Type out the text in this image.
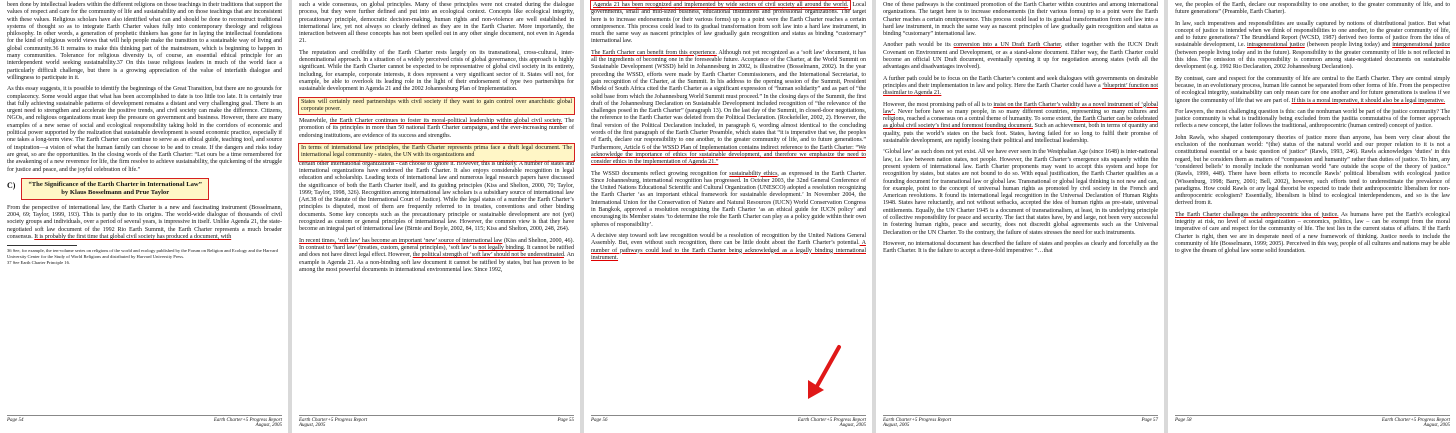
been done by intellectual leaders within the different religions on those teachings in their traditions that support the values of respect and care for the community of life and sustainability and on those teachings that are inconsistent with these values. Religious scholars have also identified what can and should be done to reconstruct traditional systems of thought so as to integrate Earth Charter values fully into contemporary theology and religious philosophy. In other words, a generation of prophetic thinkers has gone far in laying the intellectual foundations for the kind of religious world views that will help people make the transition to a sustainable way of living and global community.36 It remains to make this thinking part of the mainstream, which is beginning to happen in many communities. Tolerance for religious diversity is, of course, an essential ethical principle for an interdependent world seeking sustainability.37 On this issue religious leaders in much of the world face a particularly difficult challenge, but there is a growing appreciation of the value of interfaith dialogue and willingness to participate in it.

As this essay suggests, it is possible to identify the beginnings of the Great Transition, but there are no grounds for complacency. Some would argue that what has been accomplished to date is too little too late. It is certainly true that fully achieving sustainable patterns of development remains a distant and very challenging goal. There is an urgent need to strengthen and accelerate the positive trends, and civil society can make the difference. Citizens, NGOs, and religious organizations must keep the pressure on government and business. However, there are many examples of a new sense of social and ecological responsibility taking hold in the corridors of economic and political power supported by the realization that sustainable development is sound economic practice, especially if one takes a long-term view. The Earth Charter can continue to serve as an ethical guide, teaching tool, and source of inspiration—a vision of what the human family can choose to be and to create. If the dangers and risks today are great, so are the opportunities. In the closing words of the Earth Charter: “Let ours be a time remembered for the awakening of a new reverence for life, the firm resolve to achieve sustainability, the quickening of the struggle for justice and peace, and the joyful celebration of life.”

C) “The Significance of the Earth Charter in International Law”
by Klaus Bosselmann and Prue Taylor

From the perspective of international law, the Earth Charter is a new and fascinating instrument (Bosselmann, 2004, 69; Taylor, 1999, 193). This is partly due to its origins. The world-wide dialogue of thousands of civil society groups and individuals, over a period of several years, is impressive in itself. Unlike Agenda 21, the state-negotiated soft law document of the 1992 Rio Earth Summit, the Earth Charter represents a much broader consensus. It is probably the first time that global civil society has produced a document, with

36 See, for example, the ten-volume series on religions of the world and ecology published by the Forum on Religion and Ecology and the Harvard University Center for the Study of World Religions and distributed by Harvard University Press.

37 See Earth Charter Principle 16.

Page 54	Earth Charter+5 Progress Report
August, 2005

such a wide consensus, on global principles. Many of these principles were not created during the dialogue process, but they were further defined and put into an ecological context. Concepts like ecological integrity, precautionary principle, democratic decision-making, human rights and non-violence are well established in international law, yet not always so clearly defined as they are in the Earth Charter. More importantly, the interaction between all these concepts has not been spelled out in any other single document, not even in Agenda 21.

The reputation and credibility of the Earth Charter rests largely on its transnational, cross-cultural, inter-denominational approach. In a situation of a widely perceived crisis of global governance, this approach is highly significant. While the Earth Charter cannot be expected to be representative of global civil society in its entirety, including, for example, corporate interests, it does represent a very significant sector of it. States will not, for example, be able to overlook its leading role in the light of their endorsement of type two partnerships for sustainable development in Agenda 21 and the 2002 Johannesburg Plan of Implementation.

States will certainly need partnerships with civil society if they want to gain control over anarchistic global corporate power.

Meanwhile, the Earth Charter continues to foster its moral-political leadership within global civil society. The promotion of its principles in more than 50 national Earth Charter campaigns, and the ever-increasing number of endorsing institutions, are evidence of its success and strengths.

In terms of international law principles, the Earth Charter represents prima face a draft legal document. The international legal community - states, the UN with its organizations and

certain other international organizations - can choose to ignore it. However, this is unlikely. A number of states and international organizations have endorsed the Earth Charter. It also enjoys considerable recognition in legal education and scholarship. Leading texts of international law and numerous legal research papers have discussed the significance of both the Earth Charter itself, and its guiding principles (Kiss and Shelton, 2000, 70; Taylor, 1999; Taylor, 1998, 326). Recognition among international law scholars is a subsidiary source of international law (Art.38 of the Statute of the International Court of Justice). While the legal status of a number the Earth Charter’s principles is disputed, most of them are frequently referred to in treaties, conventions and other binding documents. Some key concepts such as the precautionary principle or sustainable development are not (yet) recognized as custom or general principles of international law. However, the common view is that they have become an integral part of international law (Birnie and Boyle, 2002, 84, 115; Kiss and Shelton, 2000, 248, 264).

In recent times, ‘soft law’ has become an important ‘new’ source of international law (Kiss and Shelton, 2000, 46). In contrast to ‘hard law’ (treaties, custom, general principles), ‘soft law’ is not legally binding. It cannot be ratified and does not have direct legal effect. However, the political strength of ‘soft law’ should not be underestimated. An example is Agenda 21. As a non-binding soft law document it cannot be ratified by states, but has proven to be among the most powerful documents in international environmental law. Since 1992,

Earth Charter+5 Progress Report
August, 2005
Page 55

Agenda 21 has been recognized and implemented by wide sectors of civil society all around the world. Local governments, small and mid-sized business, educational institutions and professional organizations. The target here is to increase endorsements (or their various forms) up to a point were the Earth Charter reaches a certain omnipresence. This process could lead to its gradual transformation from soft law into a hard law instrument, in much the same way as nascent principles of law gradually gain recognition and status as binding “customary” international law.

The Earth Charter can benefit from this experience. Although not yet recognized as a ‘soft law’ document, it has all the ingredients of becoming one in the foreseeable future. Acceptance of the Charter, at the World Summit on Sustainable Development (WSSD) held in Johannesburg in 2002, is illustrative (Bosselmann, 2002). In the year preceding the WSSD, efforts were made by Earth Charter Commissioners, and the International Secretariat, to gain recognition of the Charter, at the Summit. In his address to the opening session of the Summit, President Mbeki of South Africa cited the Earth Charter as a significant expression of “human solidarity” and as part of “the solid base from which the Johannesburg World Summit must proceed.” In the closing days of the Summit, the first draft of the Johannesburg Declaration on Sustainable Development included recognition of “the relevance of the challenges posed in the Earth Charter” (paragraph 13). On the last day of the Summit, in closed-door negotiations, the reference to the Earth Charter was deleted from the Political Declaration. (Rockefeller, 2002, 2). However, the final version of the Political Declaration included, in paragraph 6, wording almost identical to the concluding words of the first paragraph of the Earth Charter Preamble, which states that “it is imperative that we, the peoples of Earth, declare our responsibility to one another, to the greater community of life, and to future generations.” Furthermore, Article 6 of the WSSD Plan of Implementation contains indirect reference to the Earth Charter: “We acknowledge the importance of ethics for sustainable development, and therefore we emphasize the need to consider ethics in the implementation of Agenda 21.”

The WSSD documents reflect growing recognition for sustainability ethics, as expressed in the Earth Charter. Since Johannesburg, international recognition has progressed. In October 2003, the 32nd General Conference of the United Nations Educational Scientific and Cultural Organization (UNESCO) adopted a resolution recognizing the Earth Charter ‘as an important ethical framework for sustainable development.’ In November 2004, the International Union for the Conservation of Nature and Natural Resources (IUCN) World Conservation Congress in Bangkok, approved a resolution recognizing the Earth Charter ‘as an ethical guide for IUCN policy’ and encouraging its Member states ‘to determine the role the Earth Charter can play as a policy guide within their own spheres of responsibility’.

A decisive step toward soft law recognition would be a resolution of recognition by the United Nations General Assembly. But, even without such recognition, there can be little doubt about the Earth Charter’s potential. A number of pathways could lead to the Earth Charter being acknowledged as a legally binding international instrument.

Page 56	Earth Charter+5 Progress Report
August, 2005

One of these pathways is the continued promotion of the Earth Charter within countries and among international organizations. The target here is to increase endorsements (in their various forms) up to a point were the Earth Charter reaches a certain omnipresence. This process could lead to its gradual transformation from soft law into a hard law instrument, in much the same way as nascent principles of law gradually gain recognition and status as binding “customary” international law.

Another path would be its conversion into a UN Draft Earth Charter, either together with the IUCN Draft Covenant on Environment and Development, or as a stand-alone document. Either way, the Earth Charter could become an official UN Draft document, eventually opening it up for negotiation among states (with all the advantages and disadvantages involved).

A further path could be to focus on the Earth Charter’s content and seek dialogues with governments on desirable principles and their implementation in law and policy. Here the Earth Charter could have a ‘blueprint’ function not dissimilar to Agenda 21.

However, the most promising path of all is to insist on the Earth Charter’s validity as a novel instrument of ‘global law’. Never before have so many people, in so many different countries, representing so many cultures and religions, reached a consensus on a central theme of humanity. To some extent, the Earth Charter can be celebrated as global civil society’s first and foremost founding document. Such an achievement, both in terms of quantity and quality, puts the world’s states on the back foot. States, having failed for so long to fulfil their promise of sustainable development, are rapidly loosing their political and intellectual leadership.

‘Global law’ as such does not yet exist. All we have ever seen in the Westphalian Age (since 1648) is inter-national law, i.e. law between nation states, not people. However, the Earth Charter’s emergence sits squarely within the present system of international law. Earth Charter proponents may want to accept this system and hope for recognition by states, but states are not bound to do so. With equal justification, the Earth Charter qualifies as a founding document for transnational law or global law. Transnational or global legal thinking is not new and can, for example, point to the concept of universal human rights as promoted by civil society in the French and American revolutions. It found its international legal recognition in the Universal Declaration of Human Rights 1948. States have reluctantly, and not without setbacks, accepted the idea of human rights as pre-state, universal entitlements. Equally, the UN Charter 1945 is a document of transnationalism, at least, in its underlying principle of collective responsibility for peace and security. The fact that states have, by and large, not been very successful in fostering human rights, peace and security, does not discredit global agreements such as the Universal Declaration or the UN Charter. To the contrary, the failure of states stresses the need for such instruments.

However, no international document has described the failure of states and peoples as clearly and forcefully as the Earth Charter. It is the failure to accept a three-fold imperative: “…that

Earth Charter+5 Progress Report
August, 2005
Page 57

we, the peoples of the Earth, declare our responsibility to one another, to the greater community of life, and to future generations” (Preamble, Earth Charter).

In law, such imperatives and responsibilities are usually captured by notions of distributional justice. But what concept of justice is intended when we think of responsibilities to one another, to the greater community of life, and to future generations? The Brundtland Report (WCSD, 1987) derived two forms of justice from the idea of sustainable development, i.e. intragenerational justice (between people living today) and intergenerational justice (between people living today and in the future). Responsibility to the greater community of life is not reflected in this idea. The omission of this responsibility is common among state-negotiated documents on sustainable development (e.g. 1992 Rio Declaration, 2002 Johannesburg Declaration).

By contrast, care and respect for the community of life are central to the Earth Charter. They are central simply because, in an evolutionary process, human life cannot be separated from other forms of life. From the perspective of ecological integrity, sustainability can only mean care for one another and for future generations is useless if we ignore the community of life that we are part of. If this is a moral imperative, it should also be a legal imperative.

For lawyers, the most challenging question is this: can the nonhuman world be part of the justice community? The justice community is what is traditionally being excluded from the justitia commutativa of the former approach reflects a new concept, the latter follows the traditional, anthropocentric (human centred) concept of justice.

John Rawls, who shaped contemporary theories of justice more than anyone, has been very clear about the exclusion of the nonhuman world: “(the) status of the natural world and our proper relation to it is not a constitutional essential or a basic question of justice” (Rawls, 1993, 246). Rawls acknowledges ‘duties’ in this regard, but he considers them as matters of “compassion and humanity” rather than duties of justice. To him, any ‘considered beliefs’ to morally include the nonhuman world “are outside the scope of the theory of justice.” (Rawls, 1999, 448). There have been efforts to reconcile Rawls’ political liberalism with ecological justice (Wissenburg, 1998; Barry, 2001; Bell, 2002), however, such efforts tend to underestimate the prevalence of paradigms. How could Rawls or any legal theorist be expected to trade their anthropocentric liberalism for non-anthropocentric ecologism? Essentially, liberalism is blind to ecological interdependences, and so is the law derived from it.

The Earth Charter challenges the anthropocentric idea of justice. As humans have put the Earth’s ecological integrity at risk, no level of social organization – economics, politics, law – can be exempt from the moral imperative of care and respect for the community of life. The test lies in the current status of affairs. If the Earth Charter is right, then we are in desperate need of a new framework of thinking. Justice needs to include the community of life (Bosselmann, 1999; 2005). Perceived in this way, people of all cultures and nations may be able to give the dream of global law some solid foundation.

Page 58	Earth Charter+5 Progress Report
August, 2005
